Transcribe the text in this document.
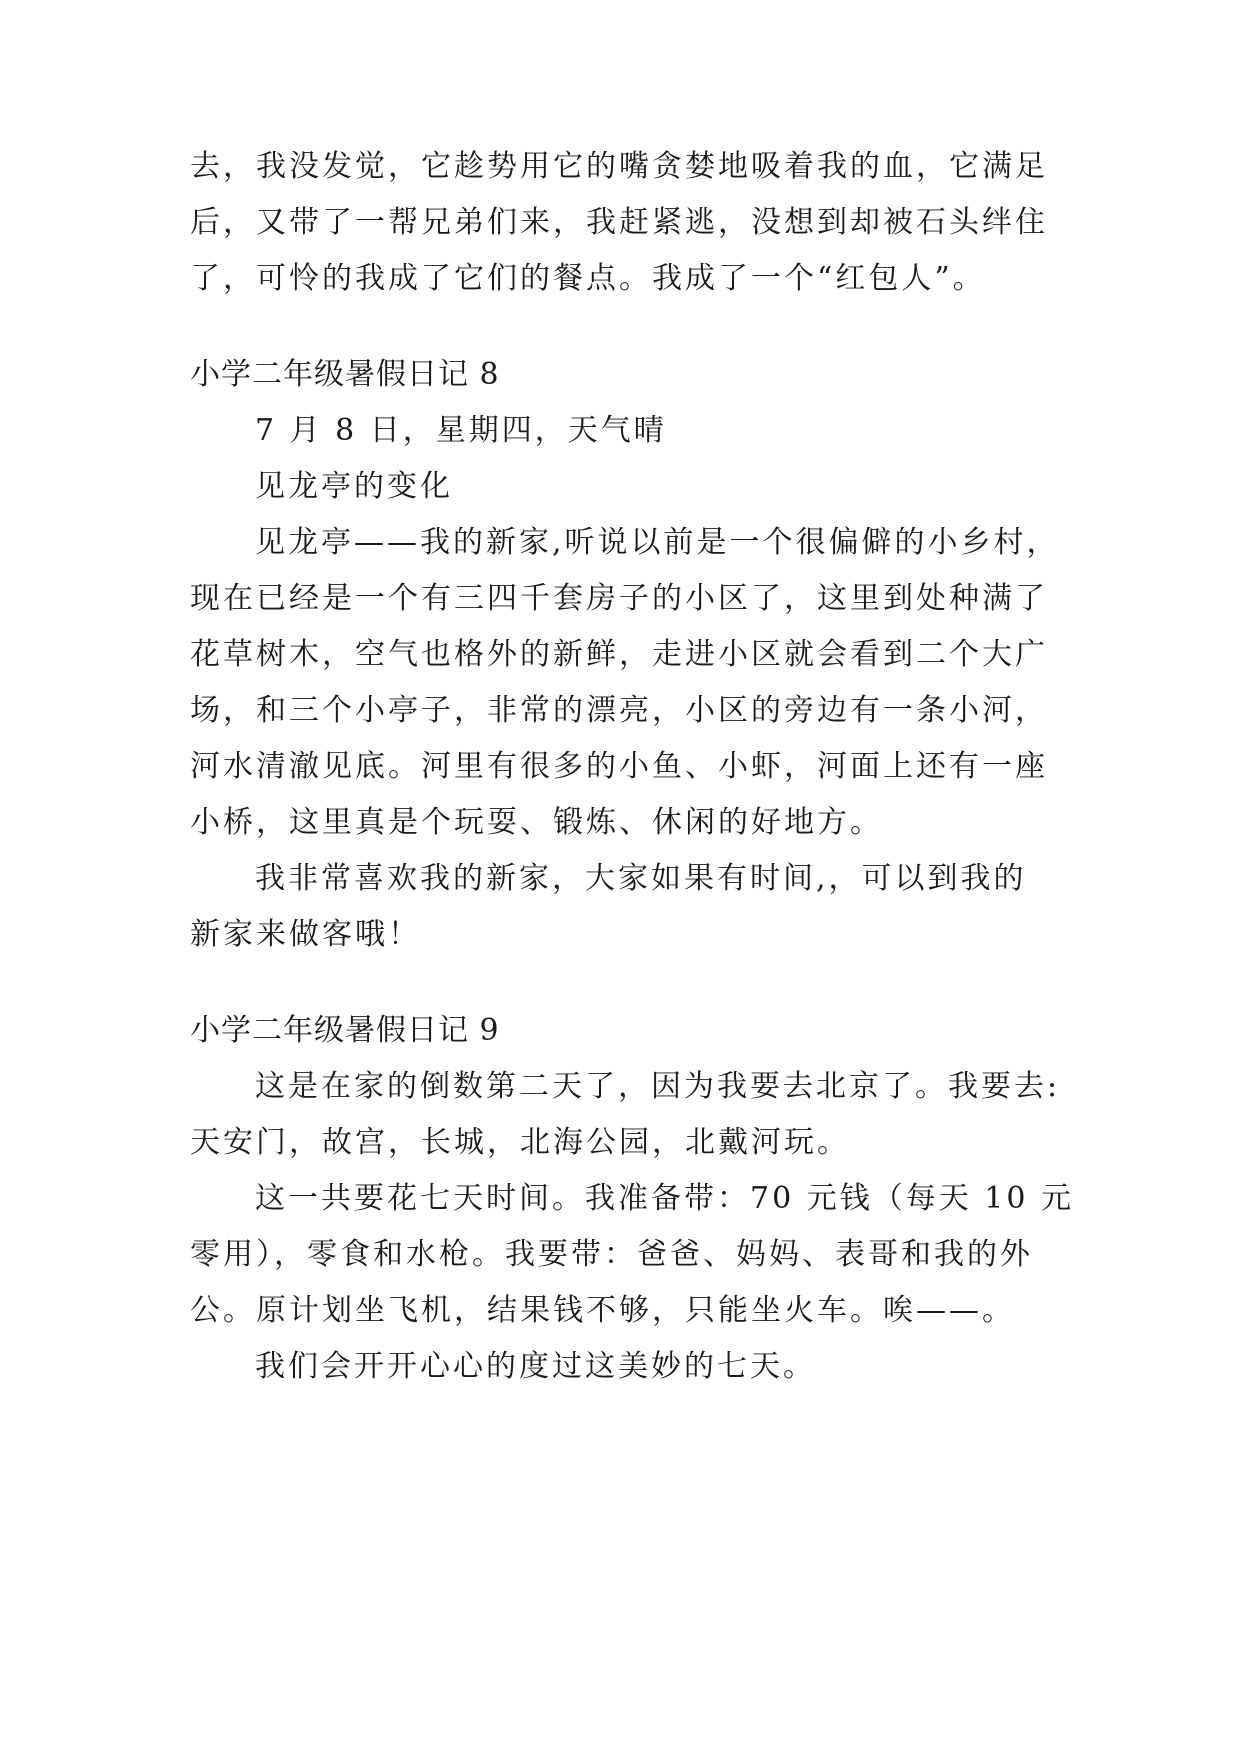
去，我没发觉，它趁势用它的嘴贪婪地吸着我的血，它满足
后，又带了一帮兄弟们来，我赶紧逃，没想到却被石头绊住
了，可怜的我成了它们的餐点。我成了一个“红包人”。
小学二年级暑假日记 8
7 月 8 日，星期四，天气晴
见龙亭的变化
见龙亭——我的新家,听说以前是一个很偏僻的小乡村，
现在已经是一个有三四千套房子的小区了，这里到处种满了
花草树木，空气也格外的新鲜，走进小区就会看到二个大广
场，和三个小亭子，非常的漂亮，小区的旁边有一条小河，
河水清澈见底。河里有很多的小鱼、小虾，河面上还有一座
小桥，这里真是个玩耍、锻炼、休闲的好地方。
我非常喜欢我的新家，大家如果有时间,，可以到我的
新家来做客哦！
小学二年级暑假日记 9
这是在家的倒数第二天了，因为我要去北京了。我要去:
天安门，故宫，长城，北海公园，北戴河玩。
这一共要花七天时间。我准备带：70 元钱（每天 10 元
零用），零食和水枪。我要带：爸爸、妈妈、表哥和我的外
公。原计划坐飞机，结果钱不够，只能坐火车。唉——。
我们会开开心心的度过这美妙的七天。
